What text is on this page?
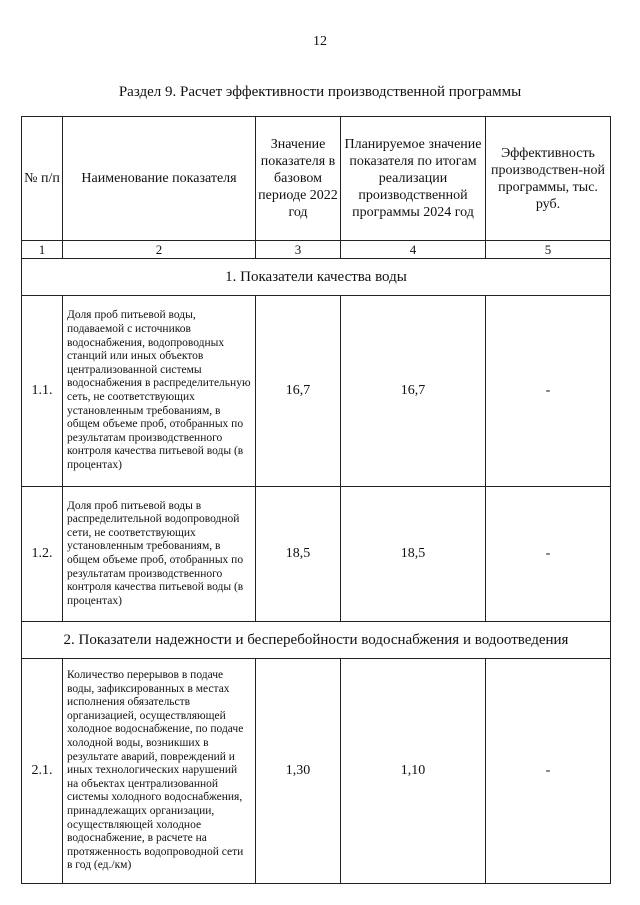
12
Раздел 9. Расчет эффективности производственной программы
№ п/п	Наименование показателя	Значение показателя в базовом периоде 2022 год	Планируемое значение показателя по итогам реализации производственной программы 2024 год	Эффективность производствен-ной программы, тыс. руб.
1	2	3	4	5
1. Показатели качества воды				
1.1.	Доля проб питьевой воды, подаваемой с источников водоснабжения, водопроводных станций или иных объектов централизованной системы водоснабжения в распределительную сеть, не соответствующих установленным требованиям, в общем объеме проб, отобранных по результатам производственного контроля качества питьевой воды (в процентах)	16,7	16,7	-
1.2.	Доля проб питьевой воды в распределительной водопроводной сети, не соответствующих установленным требованиям, в общем объеме проб, отобранных по результатам производственного контроля качества питьевой воды (в процентах)	18,5	18,5	-
2. Показатели надежности и бесперебойности водоснабжения и водоотведения				
2.1.	Количество перерывов в подаче воды, зафиксированных в местах исполнения обязательств организацией, осуществляющей холодное водоснабжение, по подаче холодной воды, возникших в результате аварий, повреждений и иных технологических нарушений на объектах централизованной системы холодного водоснабжения, принадлежащих организации, осуществляющей холодное водоснабжение, в расчете на протяженность водопроводной сети в год (ед./км)	1,30	1,10	-
